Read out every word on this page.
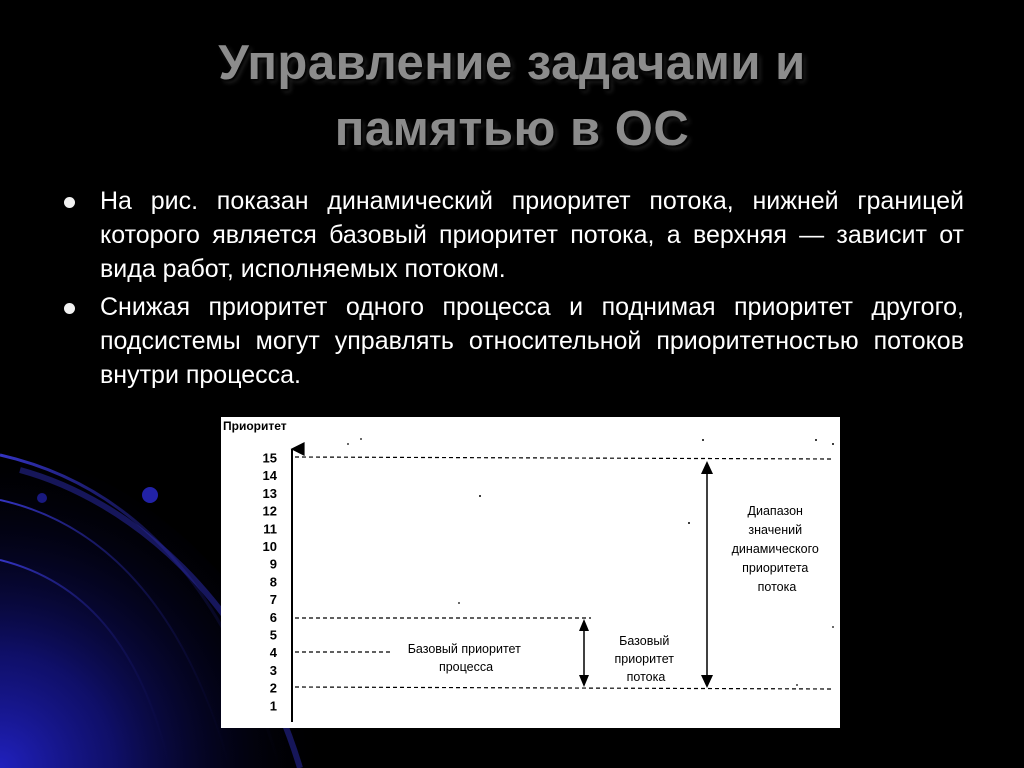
Управление задачами и
памятью в ОС
На рис. показан динамический приоритет потока, нижней границей которого является базовый приоритет потока, а верхняя — зависит от вида работ, исполняемых потоком.
Снижая приоритет одного процесса и поднимая приоритет другого, подсистемы могут управлять относительной приоритетностью потоков внутри процесса.
Приоритет
15
14
13
12
11
10
9
8
7
6
5
4
3
2
1
Базовый приоритет процесса
Базовый приоритет потока
Диапазон значений динамического приоритета потока
